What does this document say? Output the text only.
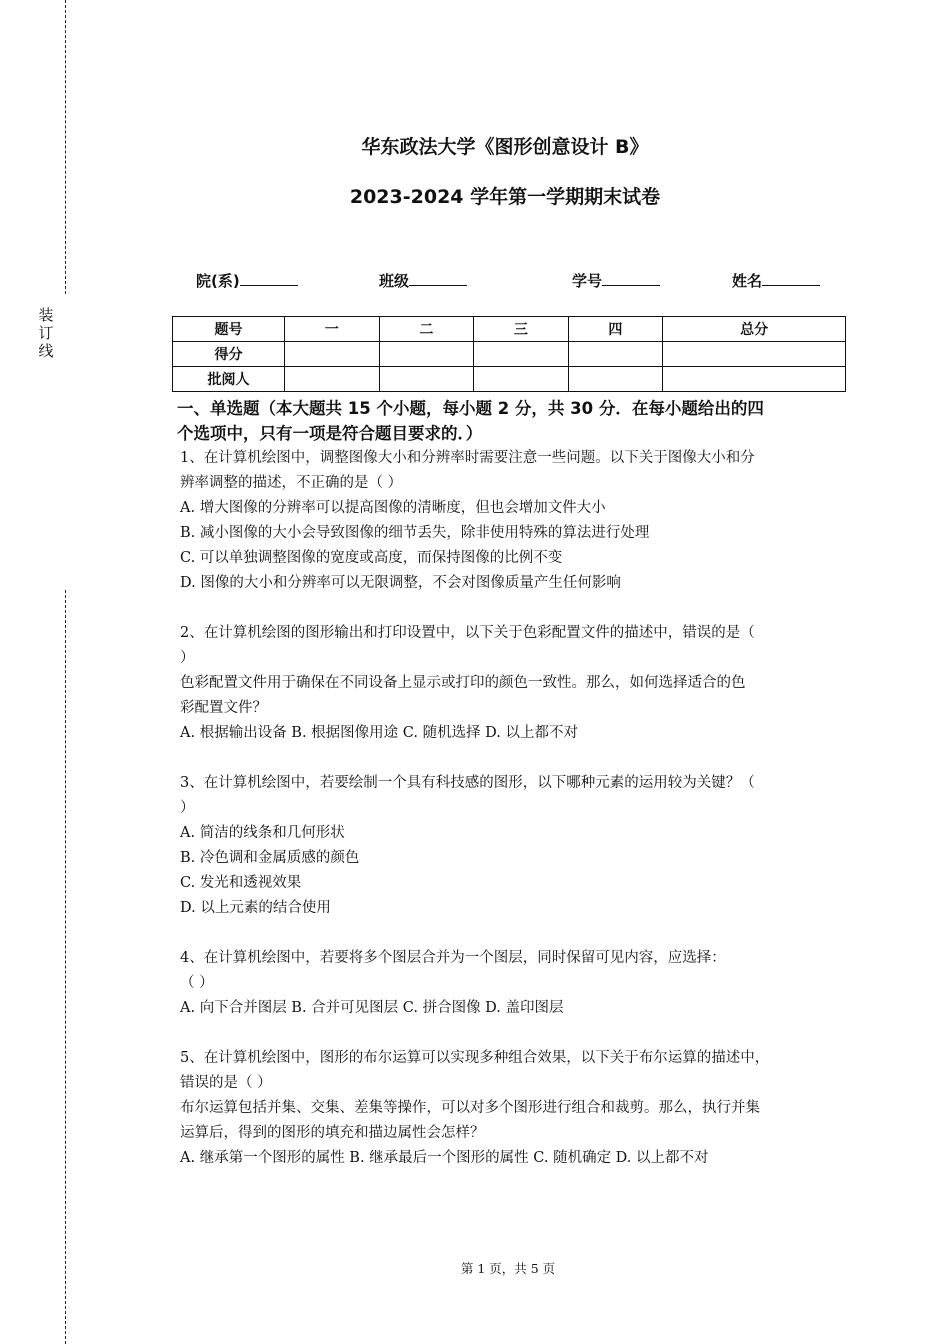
装订线
华东政法大学《图形创意设计 B》
2023-2024 学年第一学期期末试卷
院(系)	班级	学号	姓名
题号	一	二	三	四	总分
得分					
批阅人					
一、单选题（本大题共 15 个小题，每小题 2 分，共 30 分．在每小题给出的四
个选项中，只有一项是符合题目要求的．）
1、在计算机绘图中，调整图像大小和分辨率时需要注意一些问题。以下关于图像大小和分
辨率调整的描述，不正确的是（ ）
A. 增大图像的分辨率可以提高图像的清晰度，但也会增加文件大小
B. 减小图像的大小会导致图像的细节丢失，除非使用特殊的算法进行处理
C. 可以单独调整图像的宽度或高度，而保持图像的比例不变
D. 图像的大小和分辨率可以无限调整，不会对图像质量产生任何影响
2、在计算机绘图的图形输出和打印设置中，以下关于色彩配置文件的描述中，错误的是（
）
色彩配置文件用于确保在不同设备上显示或打印的颜色一致性。那么，如何选择适合的色
彩配置文件？
A. 根据输出设备 B. 根据图像用途 C. 随机选择 D. 以上都不对
3、在计算机绘图中，若要绘制一个具有科技感的图形，以下哪种元素的运用较为关键？（
）
A. 简洁的线条和几何形状
B. 冷色调和金属质感的颜色
C. 发光和透视效果
D. 以上元素的结合使用
4、在计算机绘图中，若要将多个图层合并为一个图层，同时保留可见内容，应选择：
（ ）
A. 向下合并图层 B. 合并可见图层 C. 拼合图像 D. 盖印图层
5、在计算机绘图中，图形的布尔运算可以实现多种组合效果，以下关于布尔运算的描述中，
错误的是（ ）
布尔运算包括并集、交集、差集等操作，可以对多个图形进行组合和裁剪。那么，执行并集
运算后，得到的图形的填充和描边属性会怎样？
A. 继承第一个图形的属性 B. 继承最后一个图形的属性 C. 随机确定 D. 以上都不对
第 1 页，共 5 页
